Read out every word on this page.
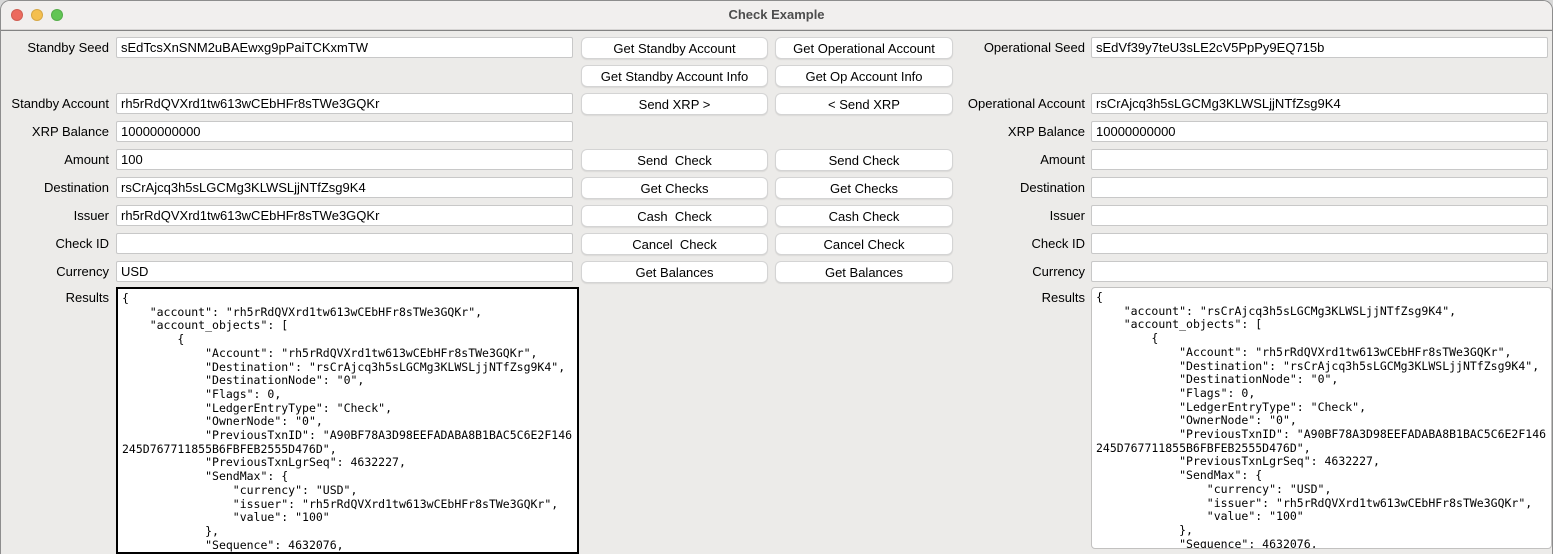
Check Example
Standby Seed
sEdTcsXnSNM2uBAEwxg9pPaiTCKxmTW
Standby Account
rh5rRdQVXrd1tw613wCEbHFr8sTWe3GQKr
XRP Balance
10000000000
Amount
100
Destination
rsCrAjcq3h5sLGCMg3KLWSLjjNTfZsg9K4
Issuer
rh5rRdQVXrd1tw613wCEbHFr8sTWe3GQKr
Check ID
Currency
USD
Results
{ "account": "rh5rRdQVXrd1tw613wCEbHFr8sTWe3GQKr", "account_objects": [ { "Account": "rh5rRdQVXrd1tw613wCEbHFr8sTWe3GQKr", "Destination": "rsCrAjcq3h5sLGCMg3KLWSLjjNTfZsg9K4", "DestinationNode": "0", "Flags": 0, "LedgerEntryType": "Check", "OwnerNode": "0", "PreviousTxnID": "A90BF78A3D98EEFADABA8B1BAC5C6E2F146245D767711855B6FBFEB2555D476D", "PreviousTxnLgrSeq": 4632227, "SendMax": { "currency": "USD", "issuer": "rh5rRdQVXrd1tw613wCEbHFr8sTWe3GQKr", "value": "100" }, "Sequence": 4632076, "index": "6DB95D3FDD1F1EA3569428E4C22DC7E7357D0CE8F00
Get Standby Account
Get Standby Account Info
Send XRP >
Send  Check
Get Checks
Cash  Check
Cancel  Check
Get Balances
Get Operational Account
Get Op Account Info
< Send XRP
Send Check
Get Checks
Cash Check
Cancel Check
Get Balances
Operational Seed
sEdVf39y7teU3sLE2cV5PpPy9EQ715b
Operational Account
rsCrAjcq3h5sLGCMg3KLWSLjjNTfZsg9K4
XRP Balance
10000000000
Amount
Destination
Issuer
Check ID
Currency
Results
{ "account": "rsCrAjcq3h5sLGCMg3KLWSLjjNTfZsg9K4", "account_objects": [ { "Account": "rh5rRdQVXrd1tw613wCEbHFr8sTWe3GQKr", "Destination": "rsCrAjcq3h5sLGCMg3KLWSLjjNTfZsg9K4", "DestinationNode": "0", "Flags": 0, "LedgerEntryType": "Check", "OwnerNode": "0", "PreviousTxnID": "A90BF78A3D98EEFADABA8B1BAC5C6E2F146245D767711855B6FBFEB2555D476D", "PreviousTxnLgrSeq": 4632227, "SendMax": { "currency": "USD", "issuer": "rh5rRdQVXrd1tw613wCEbHFr8sTWe3GQKr", "value": "100" }, "Sequence": 4632076, "index": "6DB95D3FDD1F1EA3569428E4C22DC7E7357D0CE8F00
